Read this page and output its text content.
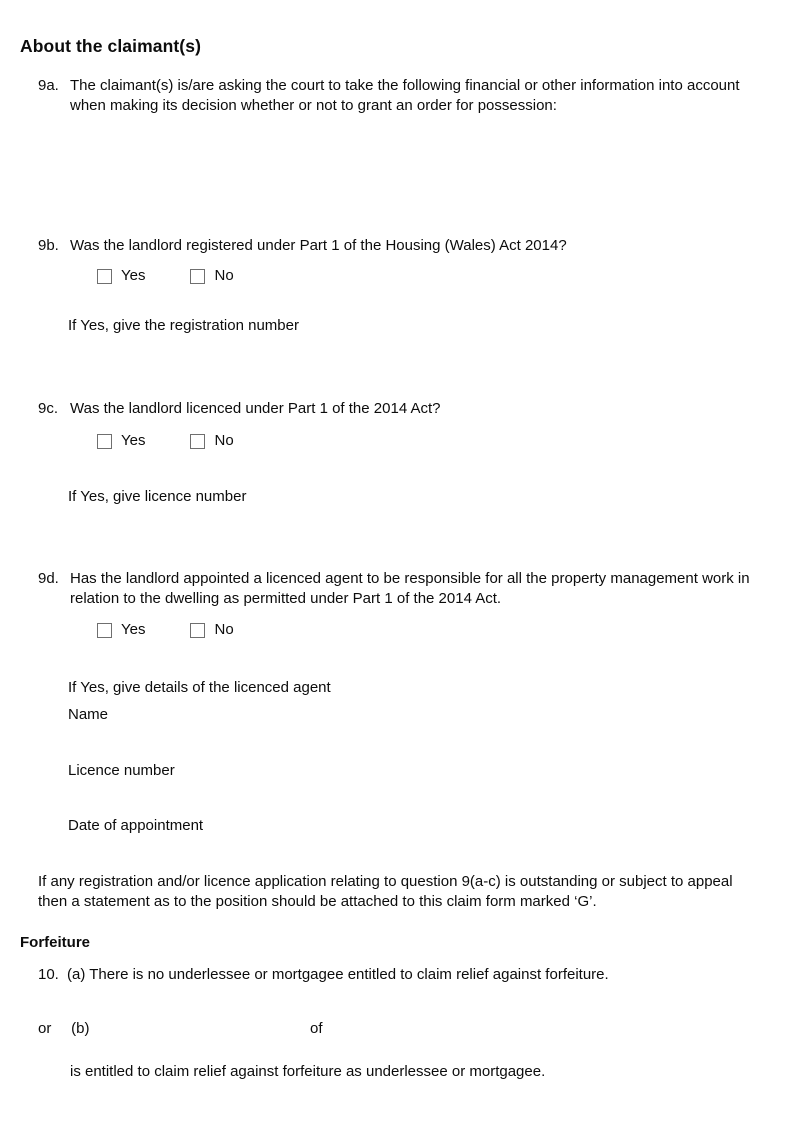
About the claimant(s)
9a. The claimant(s) is/are asking the court to take the following financial or other information into account when making its decision whether or not to grant an order for possession:
9b. Was the landlord registered under Part 1 of the Housing (Wales) Act 2014?
Yes	No
If Yes, give the registration number
9c. Was the landlord licenced under Part 1 of the 2014 Act?
Yes	No
If Yes, give licence number
9d. Has the landlord appointed a licenced agent to be responsible for all the property management work in relation to the dwelling as permitted under Part 1 of the 2014 Act.
Yes	No
If Yes, give details of the licenced agent
Name
Licence number
Date of appointment
If any registration and/or licence application relating to question 9(a-c) is outstanding or subject to appeal then a statement as to the position should be attached to this claim form marked ‘G’.
Forfeiture
10. (a) There is no underlessee or mortgagee entitled to claim relief against forfeiture.
or (b)	of
is entitled to claim relief against forfeiture as underlessee or mortgagee.
